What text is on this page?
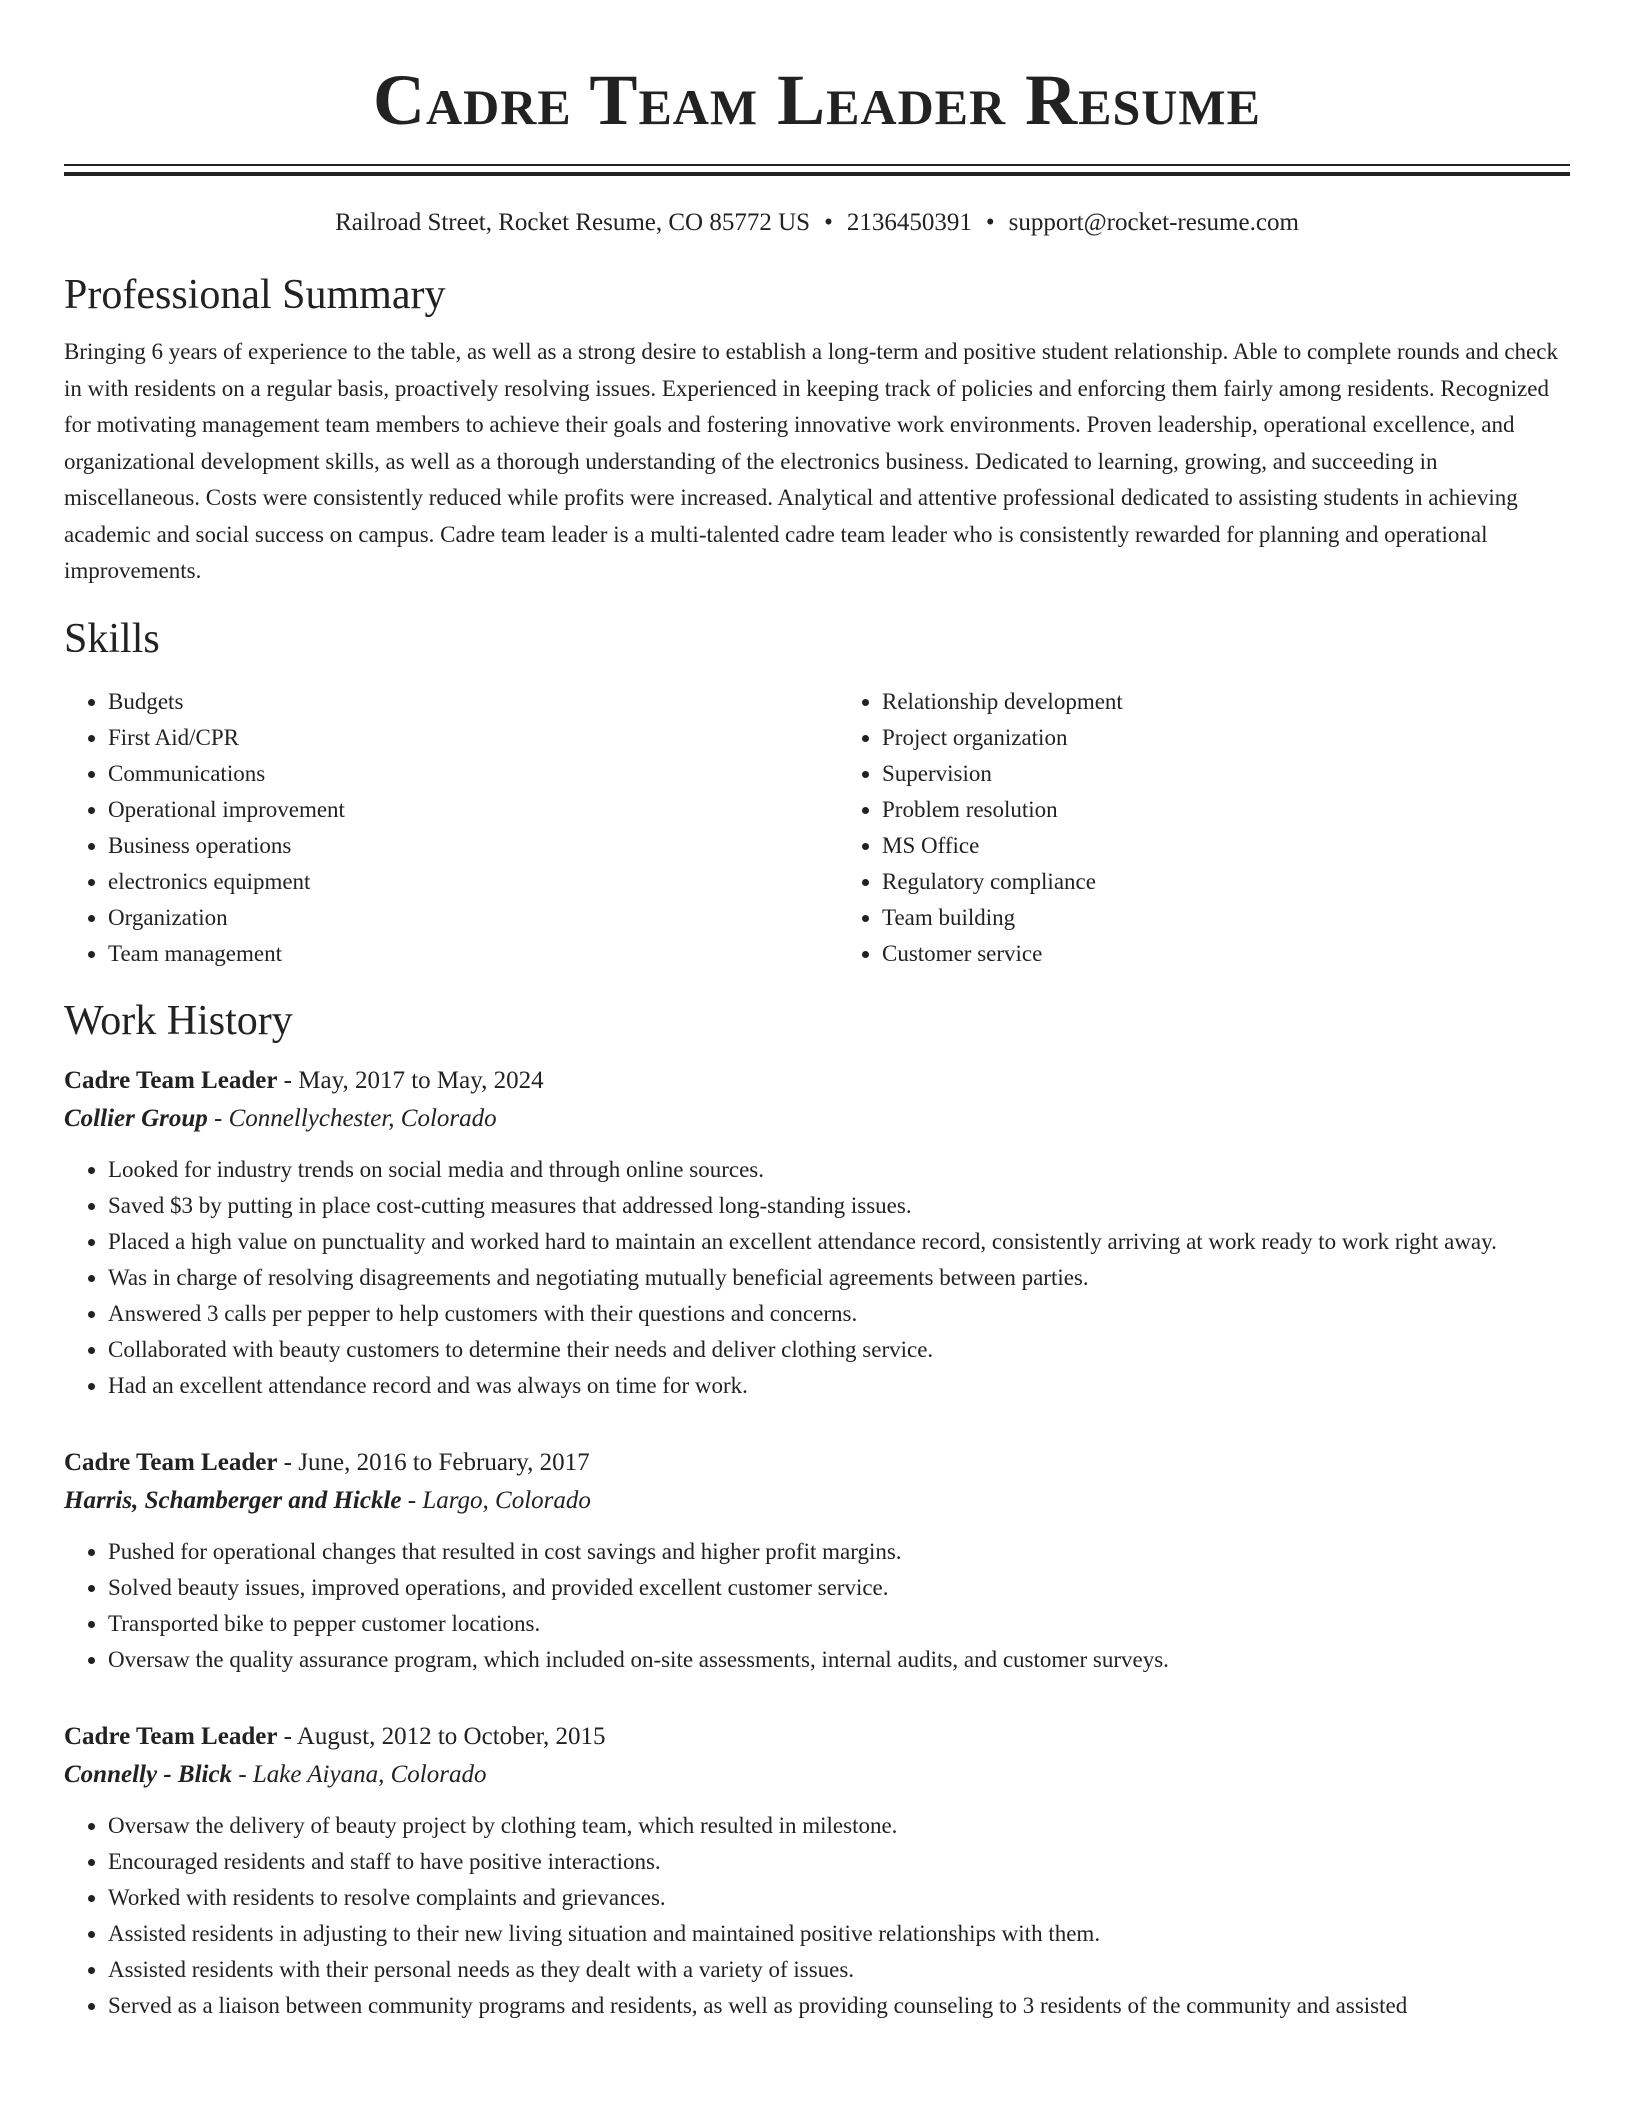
Cadre Team Leader Resume
Railroad Street, Rocket Resume, CO 85772 US • 2136450391 • support@rocket-resume.com
Professional Summary

Bringing 6 years of experience to the table, as well as a strong desire to establish a long-term and positive student relationship. Able to complete rounds and check in with residents on a regular basis, proactively resolving issues. Experienced in keeping track of policies and enforcing them fairly among residents. Recognized for motivating management team members to achieve their goals and fostering innovative work environments. Proven leadership, operational excellence, and organizational development skills, as well as a thorough understanding of the electronics business. Dedicated to learning, growing, and succeeding in miscellaneous. Costs were consistently reduced while profits were increased. Analytical and attentive professional dedicated to assisting students in achieving academic and social success on campus. Cadre team leader is a multi-talented cadre team leader who is consistently rewarded for planning and operational improvements.

Skills
• Budgets
• First Aid/CPR
• Communications
• Operational improvement
• Business operations
• electronics equipment
• Organization
• Team management
• Relationship development
• Project organization
• Supervision
• Problem resolution
• MS Office
• Regulatory compliance
• Team building
• Customer service
Work History
Cadre Team Leader - May, 2017 to May, 2024
Collier Group - Connellychester, Colorado
• Looked for industry trends on social media and through online sources.
• Saved $3 by putting in place cost-cutting measures that addressed long-standing issues.
• Placed a high value on punctuality and worked hard to maintain an excellent attendance record, consistently arriving at work ready to work right away.
• Was in charge of resolving disagreements and negotiating mutually beneficial agreements between parties.
• Answered 3 calls per pepper to help customers with their questions and concerns.
• Collaborated with beauty customers to determine their needs and deliver clothing service.
• Had an excellent attendance record and was always on time for work.
Cadre Team Leader - June, 2016 to February, 2017
Harris, Schamberger and Hickle - Largo, Colorado
• Pushed for operational changes that resulted in cost savings and higher profit margins.
• Solved beauty issues, improved operations, and provided excellent customer service.
• Transported bike to pepper customer locations.
• Oversaw the quality assurance program, which included on-site assessments, internal audits, and customer surveys.
Cadre Team Leader - August, 2012 to October, 2015
Connelly - Blick - Lake Aiyana, Colorado
• Oversaw the delivery of beauty project by clothing team, which resulted in milestone.
• Encouraged residents and staff to have positive interactions.
• Worked with residents to resolve complaints and grievances.
• Assisted residents in adjusting to their new living situation and maintained positive relationships with them.
• Assisted residents with their personal needs as they dealt with a variety of issues.
• Served as a liaison between community programs and residents, as well as providing counseling to 3 residents of the community and assisted
